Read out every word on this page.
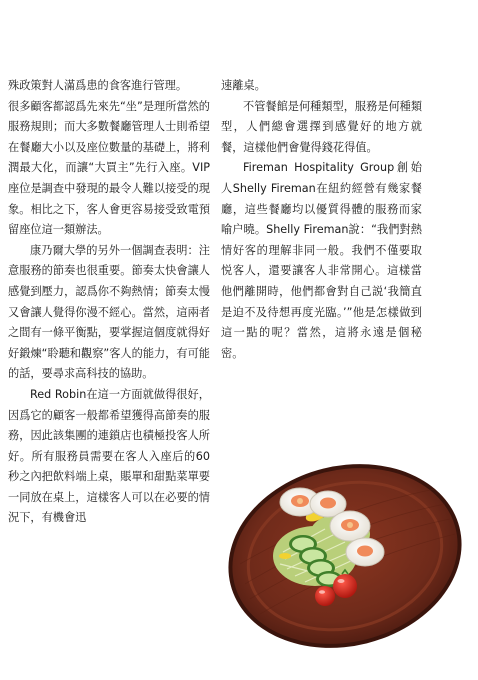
殊政策對人滿爲患的食客進行管理。

很多顧客都認爲先來先“坐”是理所當然的服務規則；而大多數餐廳管理人士則希望在餐廳大小以及座位數量的基礎上，將利潤最大化，而讓“大買主”先行入座。VIP座位是調查中發現的最令人難以接受的現象。相比之下，客人會更容易接受致電預留座位這一類辦法。

康乃爾大學的另外一個調查表明：注意服務的節奏也很重要。節奏太快會讓人感覺到壓力，認爲你不夠熱情；節奏太慢又會讓人覺得你漫不經心。當然，這兩者之間有一條平衡點，要掌握這個度就得好好鍛煉“聆聽和觀察”客人的能力，有可能的話，要尋求高科技的協助。

Red Robin在這一方面就做得很好，因爲它的顧客一般都希望獲得高節奏的服務，因此該集團的連鎖店也積極投客人所好。所有服務員需要在客人入座后的60秒之內把飲料端上桌，賬單和甜點菜單要一同放在桌上，這樣客人可以在必要的情況下，有機會迅

速離桌。

不管餐館是何種類型，服務是何種類型，人們總會選擇到感覺好的地方就餐，這樣他們會覺得錢花得值。

Fireman Hospitality Group創始人Shelly Fireman在紐約經營有幾家餐廳，這些餐廳均以優質得體的服務而家喻户曉。Shelly Fireman說：“我們對熱情好客的理解非同一般。我們不僅要取悦客人，還要讓客人非常開心。這樣當他們離開時，他們都會對自己説‘我簡直是迫不及待想再度光臨。’”他是怎樣做到這一點的呢？當然，這將永遠是個秘密。
